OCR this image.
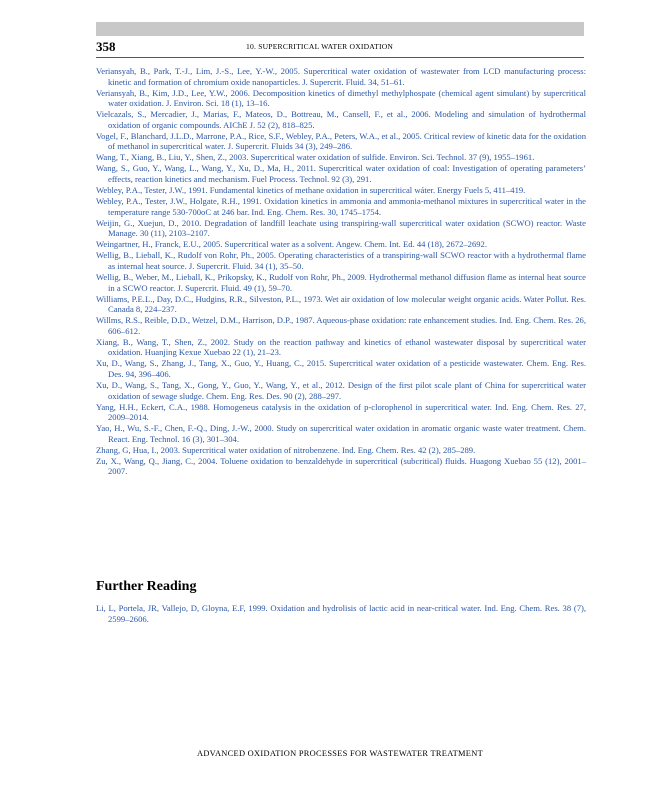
358	10. SUPERCRITICAL WATER OXIDATION

Veriansyah, B., Park, T.-J., Lim, J.-S., Lee, Y.-W., 2005. Supercritical water oxidation of wastewater from LCD manufacturing process: kinetic and formation of chromium oxide nanoparticles. J. Supercrit. Fluid. 34, 51–61.

Veriansyah, B., Kim, J.D., Lee, Y.W., 2006. Decomposition kinetics of dimethyl methylphospate (chemical agent simulant) by supercritical water oxidation. J. Environ. Sci. 18 (1), 13–16.

Vielcazals, S., Mercadier, J., Marias, F., Mateos, D., Bottreau, M., Cansell, F., et al., 2006. Modeling and simulation of hydrothermal oxidation of organic compounds. AIChE J. 52 (2), 818–825.

Vogel, F., Blanchard, J.L.D., Marrone, P.A., Rice, S.F., Webley, P.A., Peters, W.A., et al., 2005. Critical review of kinetic data for the oxidation of methanol in supercritical water. J. Supercrit. Fluids 34 (3), 249–286.

Wang, T., Xiang, B., Liu, Y., Shen, Z., 2003. Supercritical water oxidation of sulfide. Environ. Sci. Technol. 37 (9), 1955–1961.

Wang, S., Guo, Y., Wang, L., Wang, Y., Xu, D., Ma, H., 2011. Supercritical water oxidation of coal: Investigation of operating parameters’ effects, reaction kinetics and mechanism. Fuel Process. Technol. 92 (3), 291.

Webley, P.A., Tester, J.W., 1991. Fundamental kinetics of methane oxidation in supercritical wáter. Energy Fuels 5, 411–419.

Webley, P.A., Tester, J.W., Holgate, R.H., 1991. Oxidation kinetics in ammonia and ammonia-methanol mixtures in supercritical water in the temperature range 530-700oC at 246 bar. Ind. Eng. Chem. Res. 30, 1745–1754.

Weijin, G., Xuejun, D., 2010. Degradation of landfill leachate using transpiring-wall supercritical water oxidation (SCWO) reactor. Waste Manage. 30 (11), 2103–2107.

Weingartner, H., Franck, E.U., 2005. Supercritical water as a solvent. Angew. Chem. Int. Ed. 44 (18), 2672–2692.

Wellig, B., Lieball, K., Rudolf von Rohr, Ph., 2005. Operating characteristics of a transpiring-wall SCWO reactor with a hydrothermal flame as internal heat source. J. Supercrit. Fluid. 34 (1), 35–50.

Wellig, B., Weber, M., Lieball, K., Prikopsky, K., Rudolf von Rohr, Ph., 2009. Hydrothermal methanol diffusion flame as internal heat source in a SCWO reactor. J. Supercrit. Fluid. 49 (1), 59–70.

Williams, P.E.L., Day, D.C., Hudgins, R.R., Silveston, P.L., 1973. Wet air oxidation of low molecular weight organic acids. Water Pollut. Res. Canada 8, 224–237.

Willms, R.S., Reible, D.D., Wetzel, D.M., Harrison, D.P., 1987. Aqueous-phase oxidation: rate enhancement studies. Ind. Eng. Chem. Res. 26, 606–612.

Xiang, B., Wang, T., Shen, Z., 2002. Study on the reaction pathway and kinetics of ethanol wastewater disposal by supercritical water oxidation. Huanjing Kexue Xuebao 22 (1), 21–23.

Xu, D., Wang, S., Zhang, J., Tang, X., Guo, Y., Huang, C., 2015. Supercritical water oxidation of a pesticide wastewater. Chem. Eng. Res. Des. 94, 396–406.

Xu, D., Wang, S., Tang, X., Gong, Y., Guo, Y., Wang, Y., et al., 2012. Design of the first pilot scale plant of China for supercritical water oxidation of sewage sludge. Chem. Eng. Res. Des. 90 (2), 288–297.

Yang, H.H., Eckert, C.A., 1988. Homogeneus catalysis in the oxidation of p-clorophenol in supercritical water. Ind. Eng. Chem. Res. 27, 2009–2014.

Yao, H., Wu, S.-F., Chen, F.-Q., Ding, J.-W., 2000. Study on supercritical water oxidation in aromatic organic waste water treatment. Chem. React. Eng. Technol. 16 (3), 301–304.

Zhang, G, Hua, I., 2003. Supercritical water oxidation of nitrobenzene. Ind. Eng. Chem. Res. 42 (2), 285–289.

Zu, X., Wang, Q., Jiang, C., 2004. Toluene oxidation to benzaldehyde in supercritical (subcritical) fluids. Huagong Xuebao 55 (12), 2001–2007.

Further Reading

Li, L, Portela, JR, Vallejo, D, Gloyna, E.F, 1999. Oxidation and hydrolisis of lactic acid in near-critical water. Ind. Eng. Chem. Res. 38 (7), 2599–2606.

ADVANCED OXIDATION PROCESSES FOR WASTEWATER TREATMENT
